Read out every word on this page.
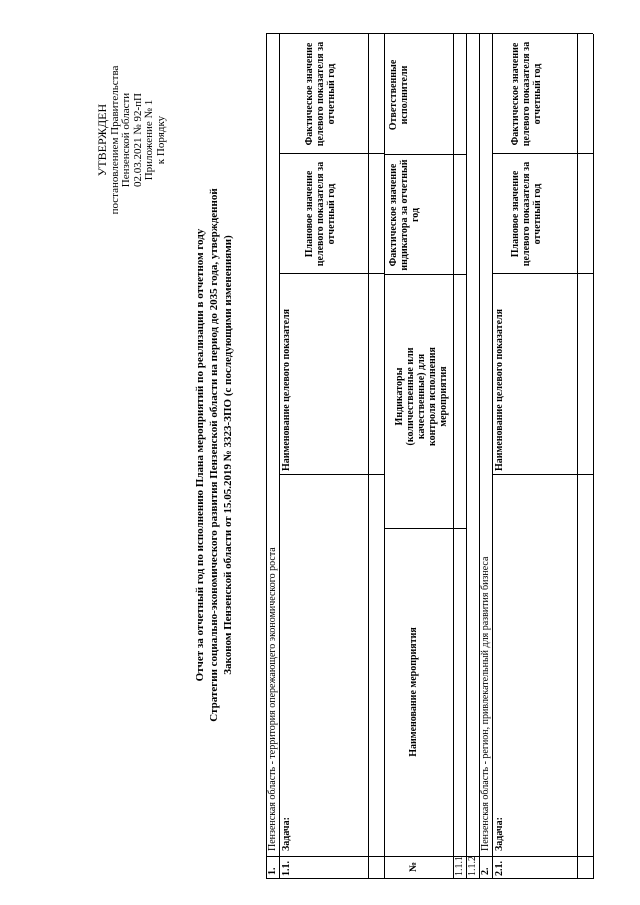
УТВЕРЖДЕН постановлением Правительства Пензенской области 02.03.2021 № 92-пП Приложение № 1 к Порядку
Отчет за отчетный год по исполнению Плана мероприятий по реализации в отчетном году Стратегии социально-экономического развития Пензенской области на период до 2035 года, утвержденной Законом Пензенской области от 15.05.2019 № 3323-ЗПО (с последующими изменениями)
1.
Пензенская область - территория опережающего экономического роста
1.1.
Задача:
Наименование целевого показателя
Плановое значение целевого показателя за отчетный год
Фактическое значение целевого показателя за отчетный год
№
Наименование мероприятия
Индикаторы (количественные или качественные) для контроля исполнения мероприятия
Фактическое значение индикатора за отчетный год
Ответственные исполнители
1.1.1 1.1.2 2.
Пензенская область - регион, привлекательный для развития бизнеса
2.1.
Задача:
Наименование целевого показателя
Плановое значение целевого показателя за отчетный год
Фактическое значение целевого показателя за отчетный год
